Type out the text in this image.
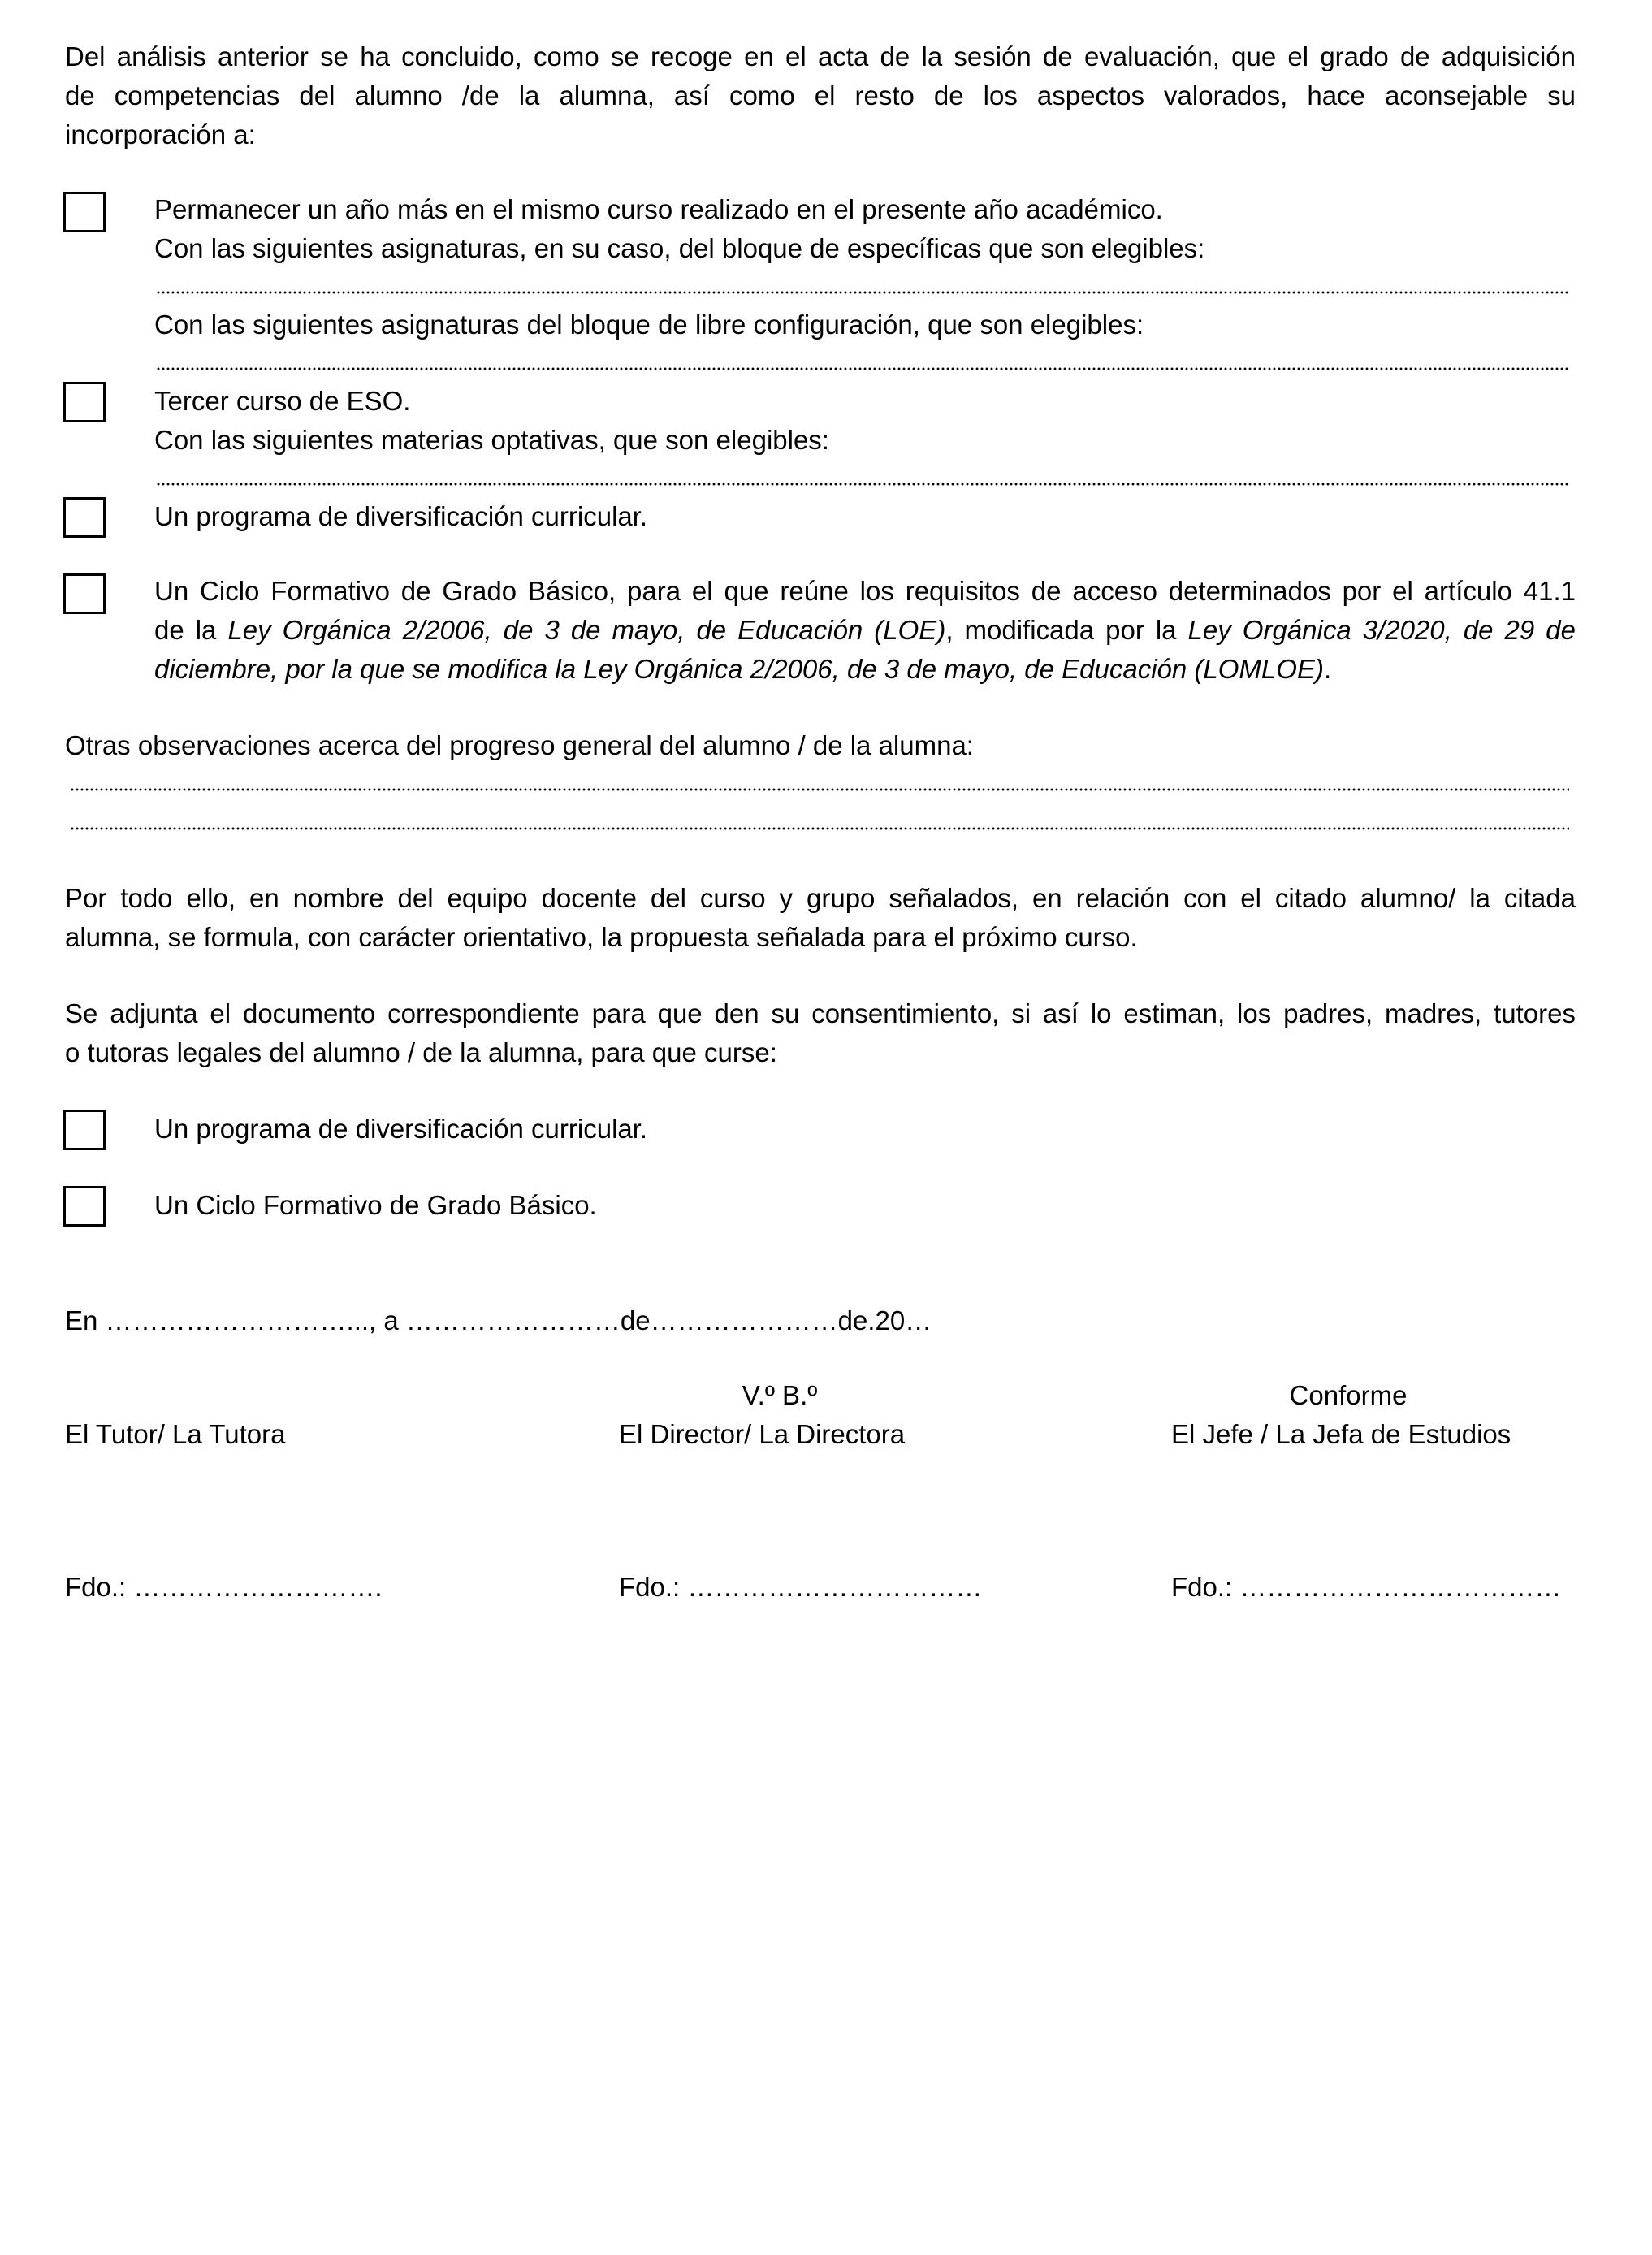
Del análisis anterior se ha concluido, como se recoge en el acta de la sesión de evaluación, que el grado de adquisición
de competencias del alumno /de la alumna, así como el resto de los aspectos valorados, hace aconsejable su
incorporación a:
Permanecer un año más en el mismo curso realizado en el presente año académico.
Con las siguientes asignaturas, en su caso, del bloque de específicas que son elegibles:
Con las siguientes asignaturas del bloque de libre configuración, que son elegibles:
Tercer curso de ESO.
Con las siguientes materias optativas, que son elegibles:
Un programa de diversificación curricular.
Un Ciclo Formativo de Grado Básico, para el que reúne los requisitos de acceso determinados por el artículo 41.1
de la Ley Orgánica 2/2006, de 3 de mayo, de Educación (LOE), modificada por la Ley Orgánica 3/2020, de 29 de
diciembre, por la que se modifica la Ley Orgánica 2/2006, de 3 de mayo, de Educación (LOMLOE).
Otras observaciones acerca del progreso general del alumno / de la alumna:
Por todo ello, en nombre del equipo docente del curso y grupo señalados, en relación con el citado alumno/ la citada
alumna, se formula, con carácter orientativo, la propuesta señalada para el próximo curso.
Se adjunta el documento correspondiente para que den su consentimiento, si así lo estiman, los padres, madres, tutores
o tutoras legales del alumno / de la alumna, para que curse:
Un programa de diversificación curricular.
Un Ciclo Formativo de Grado Básico.
En ………………………..., a ……………………de…………………de.20…
El Tutor/ La Tutora
Fdo.: ……………………….
V.º B.º
El Director/ La Directora
Fdo.: ……………………………
Conforme
El Jefe / La Jefa de Estudios
Fdo.: ………………………………
